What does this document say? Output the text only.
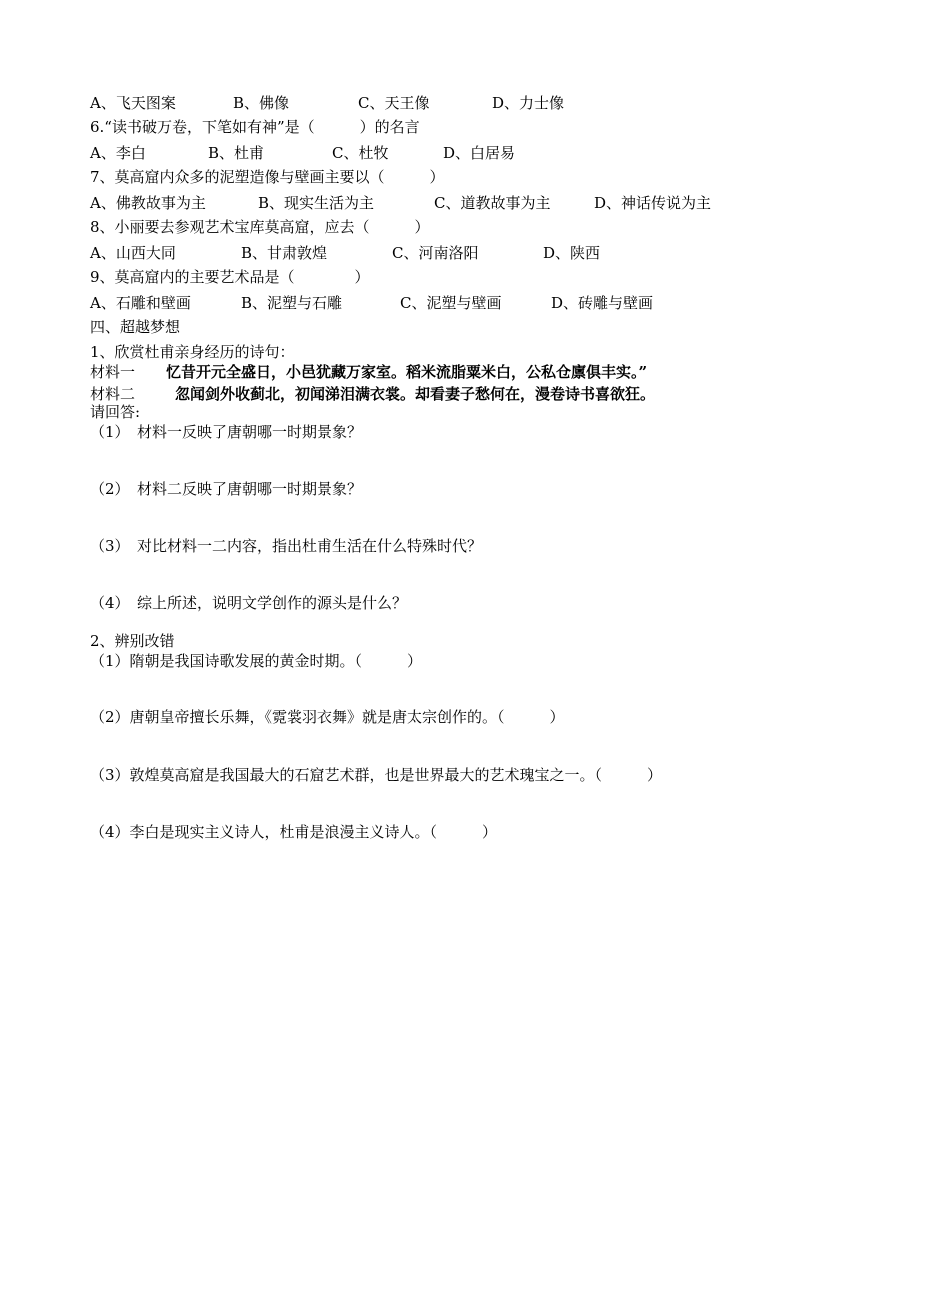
A、飞天图案	B、佛像	C、天王像	D、力士像
6.“读书破万卷，下笔如有神”是（　　　）的名言
A、李白	B、杜甫	C、杜牧	D、白居易
7、莫高窟内众多的泥塑造像与壁画主要以（　　　）
A、佛教故事为主	B、现实生活为主	C、道教故事为主	D、神话传说为主
8、小丽要去参观艺术宝库莫高窟，应去（　　　）
A、山西大同	B、甘肃敦煌	C、河南洛阳	D、陕西
9、莫高窟内的主要艺术品是（　　　　）
A、石雕和壁画	B、泥塑与石雕	C、泥塑与壁画	D、砖雕与壁画
四、超越梦想
1、欣赏杜甫亲身经历的诗句：
材料一 忆昔开元全盛日，小邑犹藏万家室。稻米流脂粟米白，公私仓廪俱丰实。”
材料二	忽闻剑外收蓟北，初闻涕泪满衣裳。却看妻子愁何在，漫卷诗书喜欲狂。
请回答:
（1）　材料一反映了唐朝哪一时期景象？
（2）　材料二反映了唐朝哪一时期景象？
（3）　对比材料一二内容，指出杜甫生活在什么特殊时代？
（4）　综上所述，说明文学创作的源头是什么？
2、辨别改错
（1）隋朝是我国诗歌发展的黄金时期。（　　　）
（2）唐朝皇帝擅长乐舞，《霓裳羽衣舞》就是唐太宗创作的。（　　　）
（3）敦煌莫高窟是我国最大的石窟艺术群，也是世界最大的艺术瑰宝之一。（　　　）
（4）李白是现实主义诗人，杜甫是浪漫主义诗人。（　　　）
